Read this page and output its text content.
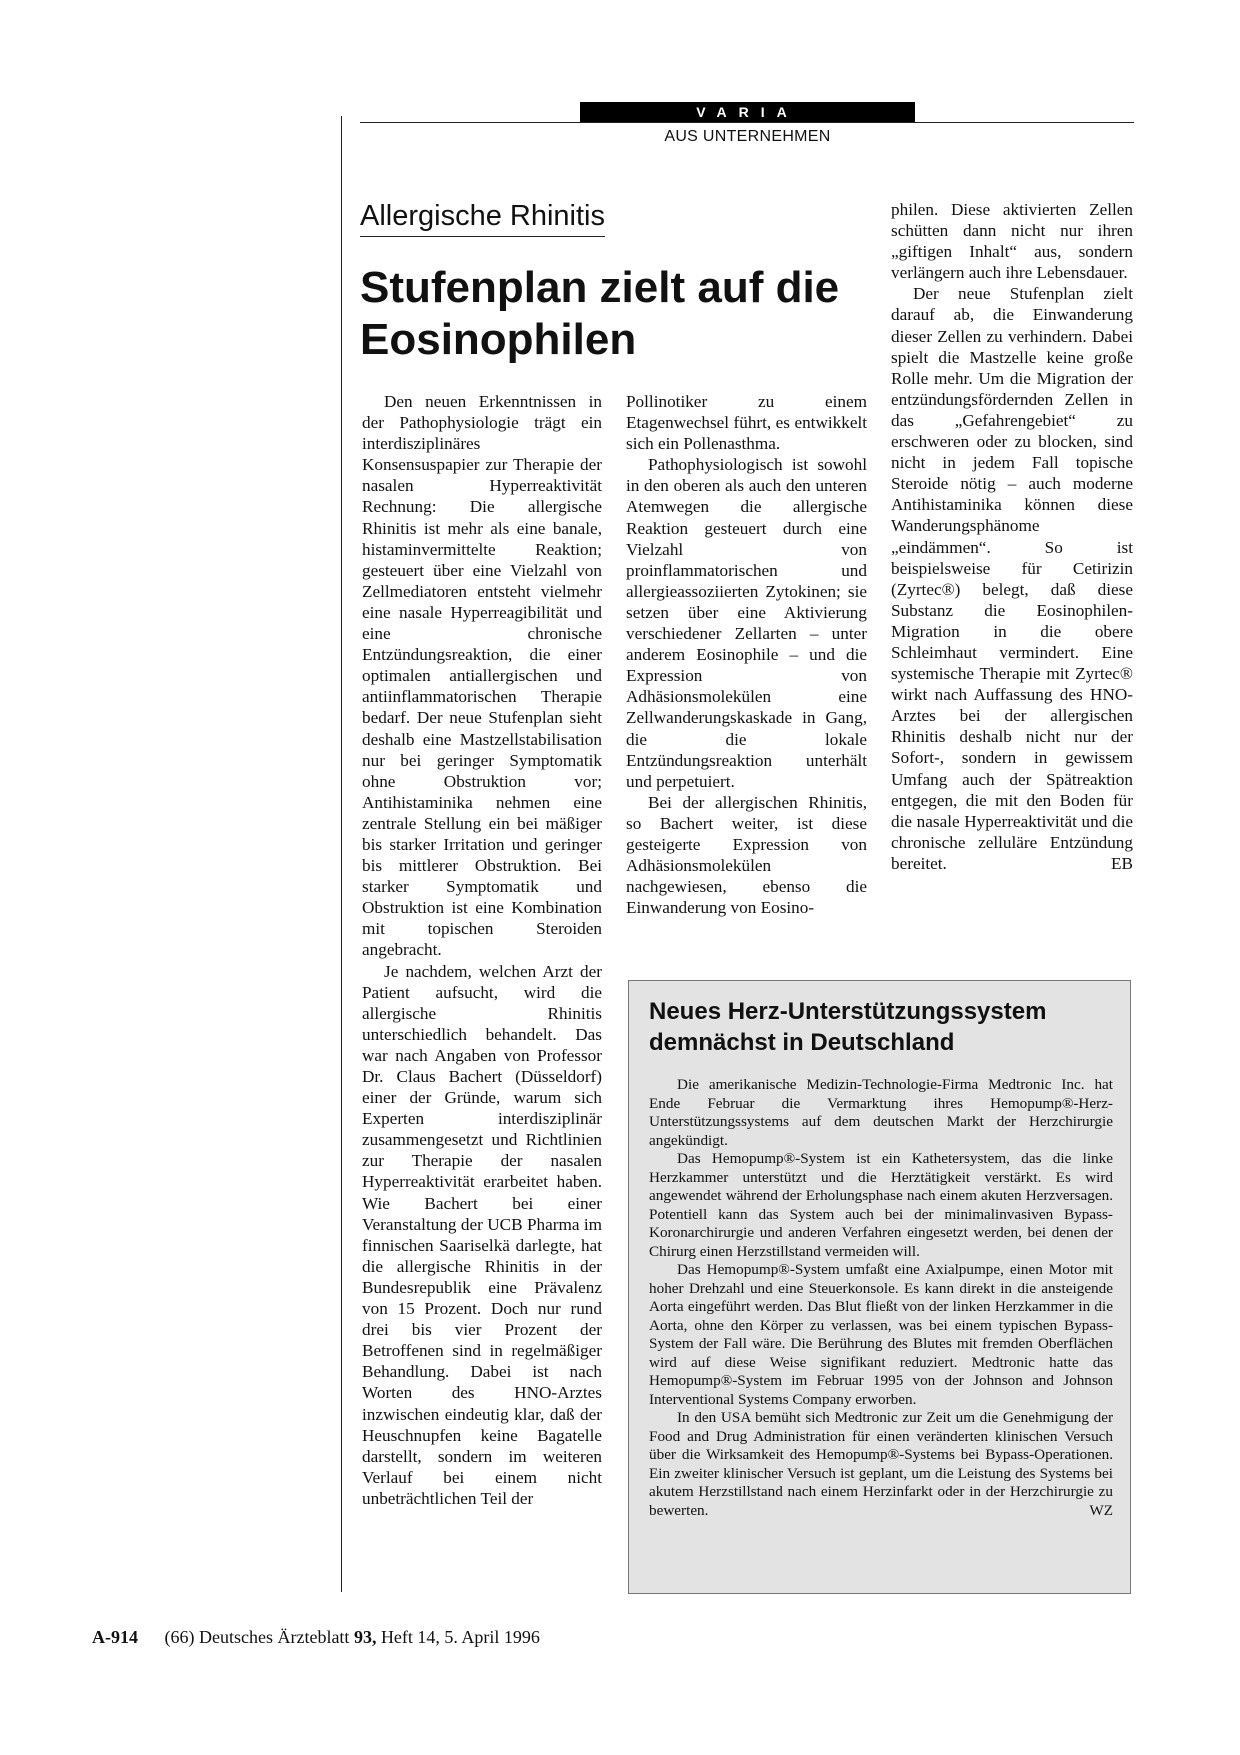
VARIA
AUS UNTERNEHMEN
Allergische Rhinitis
Stufenplan zielt auf die Eosinophilen

Den neuen Erkenntnissen in der Pathophysiologie trägt ein interdisziplinäres Konsensuspapier zur Therapie der nasalen Hyperreaktivität Rechnung: Die allergische Rhinitis ist mehr als eine banale, histaminvermittelte Reaktion; gesteuert über eine Vielzahl von Zellmediatoren entsteht vielmehr eine nasale Hyperreagibilität und eine chronische Entzündungsreaktion, die einer optimalen antiallergischen und antiinflammatorischen Therapie bedarf. Der neue Stufenplan sieht deshalb eine Mastzellstabilisation nur bei geringer Symptomatik ohne Obstruktion vor; Antihistaminika nehmen eine zentrale Stellung ein bei mäßiger bis starker Irritation und geringer bis mittlerer Obstruktion. Bei starker Symptomatik und Obstruktion ist eine Kombination mit topischen Steroiden angebracht.

Je nachdem, welchen Arzt der Patient aufsucht, wird die allergische Rhinitis unterschiedlich behandelt. Das war nach Angaben von Professor Dr. Claus Bachert (Düsseldorf) einer der Gründe, warum sich Experten interdisziplinär zusammengesetzt und Richtlinien zur Therapie der nasalen Hyperreaktivität erarbeitet haben. Wie Bachert bei einer Veranstaltung der UCB Pharma im finnischen Saariselkä darlegte, hat die allergische Rhinitis in der Bundesrepublik eine Prävalenz von 15 Prozent. Doch nur rund drei bis vier Prozent der Betroffenen sind in regelmäßiger Behandlung. Dabei ist nach Worten des HNO-Arztes inzwischen eindeutig klar, daß der Heuschnupfen keine Bagatelle darstellt, sondern im weiteren Verlauf bei einem nicht unbeträchtlichen Teil der

Pollinotiker zu einem Etagenwechsel führt, es entwikkelt sich ein Pollenasthma.

Pathophysiologisch ist sowohl in den oberen als auch den unteren Atemwegen die allergische Reaktion gesteuert durch eine Vielzahl von proinflammatorischen und allergieassoziierten Zytokinen; sie setzen über eine Aktivierung verschiedener Zellarten – unter anderem Eosinophile – und die Expression von Adhäsionsmolekülen eine Zellwanderungskaskade in Gang, die die lokale Entzündungsreaktion unterhält und perpetuiert.

Bei der allergischen Rhinitis, so Bachert weiter, ist diese gesteigerte Expression von Adhäsionsmolekülen nachgewiesen, ebenso die Einwanderung von Eosino-

philen. Diese aktivierten Zellen schütten dann nicht nur ihren „giftigen Inhalt“ aus, sondern verlängern auch ihre Lebensdauer.

Der neue Stufenplan zielt darauf ab, die Einwanderung dieser Zellen zu verhindern. Dabei spielt die Mastzelle keine große Rolle mehr. Um die Migration der entzündungsfördernden Zellen in das „Gefahrengebiet“ zu erschweren oder zu blocken, sind nicht in jedem Fall topische Steroide nötig – auch moderne Antihistaminika können diese Wanderungsphänome „eindämmen“. So ist beispielsweise für Cetirizin (Zyrtec®) belegt, daß diese Substanz die Eosinophilen-Migration in die obere Schleimhaut vermindert. Eine systemische Therapie mit Zyrtec® wirkt nach Auffassung des HNO-Arztes bei der allergischen Rhinitis deshalb nicht nur der Sofort-, sondern in gewissem Umfang auch der Spätreaktion entgegen, die mit den Boden für die nasale Hyperreaktivität und die chronische zelluläre Entzündung bereitet.	EB

Neues Herz-Unterstützungssystem demnächst in Deutschland

Die amerikanische Medizin-Technologie-Firma Medtronic Inc. hat Ende Februar die Vermarktung ihres Hemopump®-Herz-Unterstützungssystems auf dem deutschen Markt der Herzchirurgie angekündigt.

Das Hemopump®-System ist ein Kathetersystem, das die linke Herzkammer unterstützt und die Herztätigkeit verstärkt. Es wird angewendet während der Erholungsphase nach einem akuten Herzversagen. Potentiell kann das System auch bei der minimalinvasiven Bypass-Koronarchirurgie und anderen Verfahren eingesetzt werden, bei denen der Chirurg einen Herzstillstand vermeiden will.

Das Hemopump®-System umfaßt eine Axialpumpe, einen Motor mit hoher Drehzahl und eine Steuerkonsole. Es kann direkt in die ansteigende Aorta eingeführt werden. Das Blut fließt von der linken Herzkammer in die Aorta, ohne den Körper zu verlassen, was bei einem typischen Bypass-System der Fall wäre. Die Berührung des Blutes mit fremden Oberflächen wird auf diese Weise signifikant reduziert. Medtronic hatte das Hemopump®-System im Februar 1995 von der Johnson and Johnson Interventional Systems Company erworben.

In den USA bemüht sich Medtronic zur Zeit um die Genehmigung der Food and Drug Administration für einen veränderten klinischen Versuch über die Wirksamkeit des Hemopump®-Systems bei Bypass-Operationen. Ein zweiter klinischer Versuch ist geplant, um die Leistung des Systems bei akutem Herzstillstand nach einem Herzinfarkt oder in der Herzchirurgie zu bewerten.	WZ

A-914 (66) Deutsches Ärzteblatt 93, Heft 14, 5. April 1996
